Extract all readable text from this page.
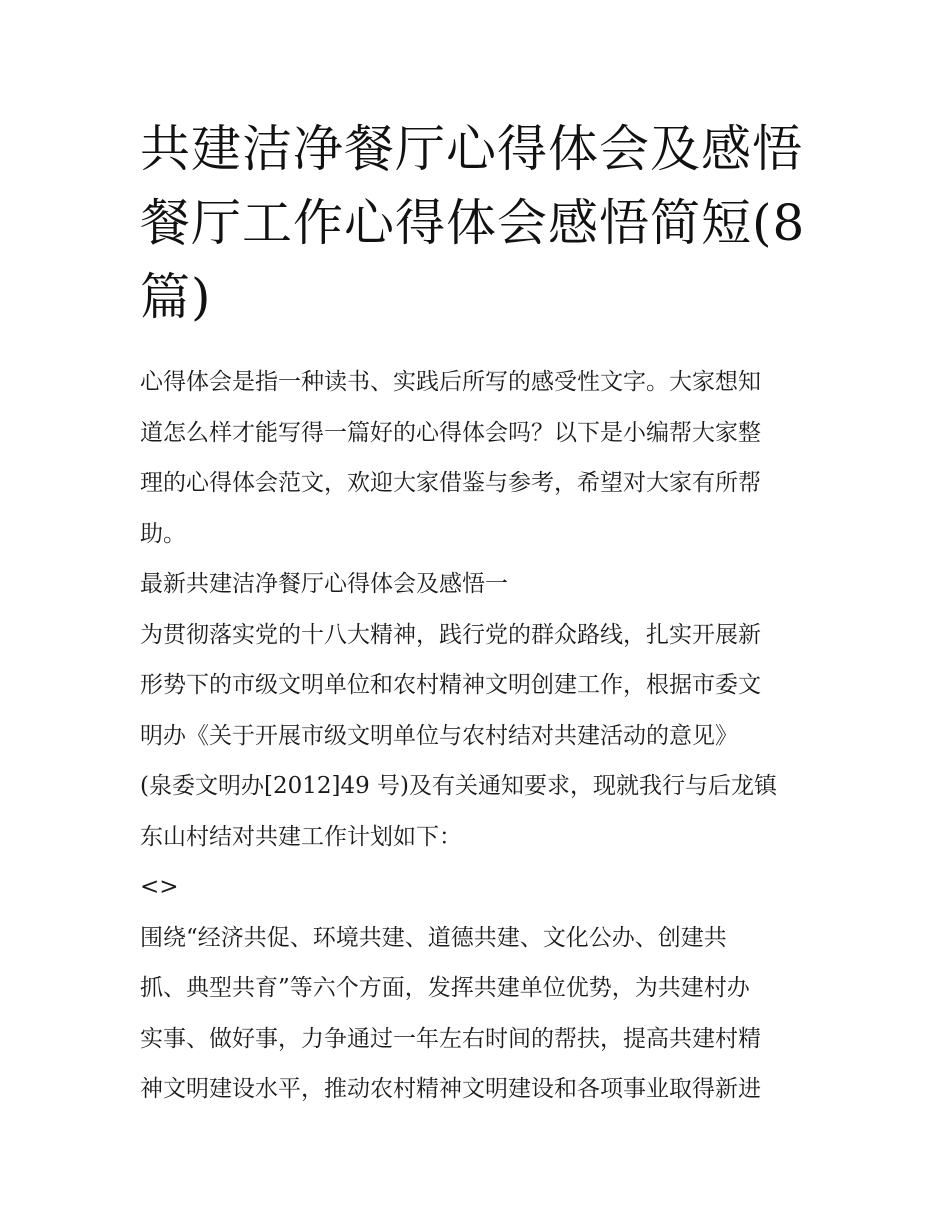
共建洁净餐厅心得体会及感悟
餐厅工作心得体会感悟简短(8
篇)
心得体会是指一种读书、实践后所写的感受性文字。大家想知
道怎么样才能写得一篇好的心得体会吗？以下是小编帮大家整
理的心得体会范文，欢迎大家借鉴与参考，希望对大家有所帮
助。
最新共建洁净餐厅心得体会及感悟一
为贯彻落实党的十八大精神，践行党的群众路线，扎实开展新
形势下的市级文明单位和农村精神文明创建工作，根据市委文
明办《关于开展市级文明单位与农村结对共建活动的意见》
(泉委文明办[2012]49 号)及有关通知要求，现就我行与后龙镇
东山村结对共建工作计划如下：
<>
围绕“经济共促、环境共建、道德共建、文化公办、创建共
抓、典型共育”等六个方面，发挥共建单位优势，为共建村办
实事、做好事，力争通过一年左右时间的帮扶，提高共建村精
神文明建设水平，推动农村精神文明建设和各项事业取得新进
